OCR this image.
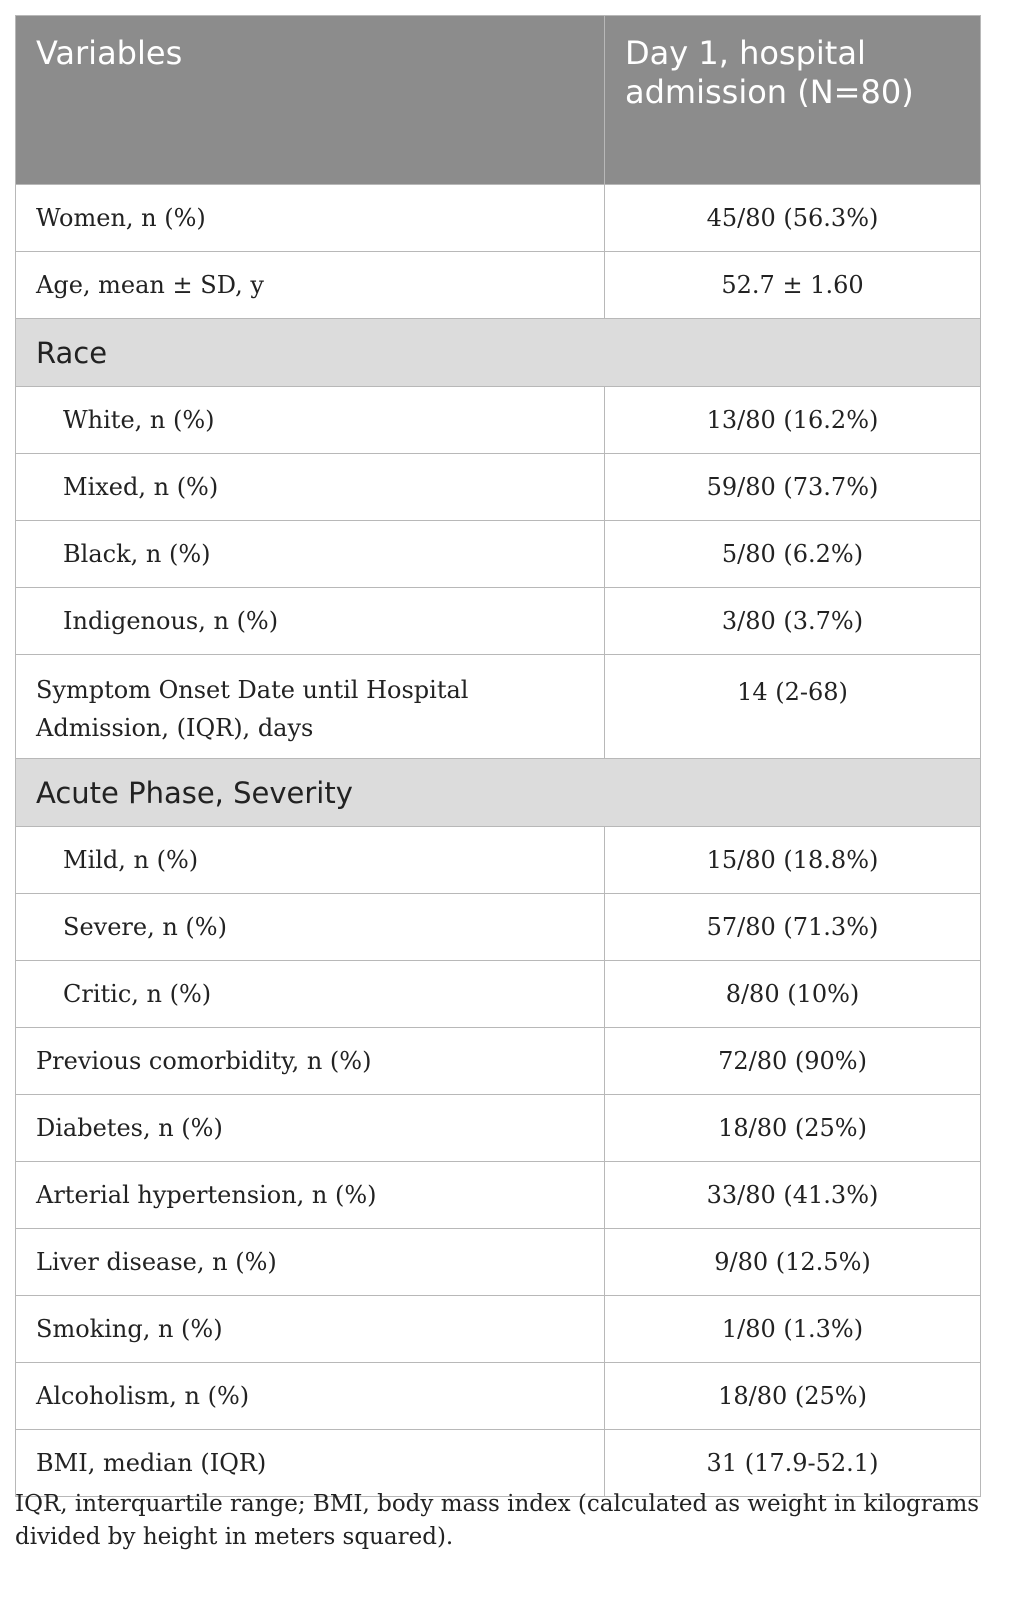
Variables	Day 1, hospital admission (N=80)
Women, n (%)	45/80 (56.3%)
Age, mean ± SD, y	52.7 ± 1.60
Race	
White, n (%)	13/80 (16.2%)
Mixed, n (%)	59/80 (73.7%)
Black, n (%)	5/80 (6.2%)
Indigenous, n (%)	3/80 (3.7%)
Symptom Onset Date until Hospital Admission, (IQR), days	14 (2-68)
Acute Phase, Severity	
Mild, n (%)	15/80 (18.8%)
Severe, n (%)	57/80 (71.3%)
Critic, n (%)	8/80 (10%)
Previous comorbidity, n (%)	72/80 (90%)
Diabetes, n (%)	18/80 (25%)
Arterial hypertension, n (%)	33/80 (41.3%)
Liver disease, n (%)	9/80 (12.5%)
Smoking, n (%)	1/80 (1.3%)
Alcoholism, n (%)	18/80 (25%)
BMI, median (IQR)	31 (17.9-52.1)
IQR, interquartile range; BMI, body mass index (calculated as weight in kilograms divided by height in meters squared).
